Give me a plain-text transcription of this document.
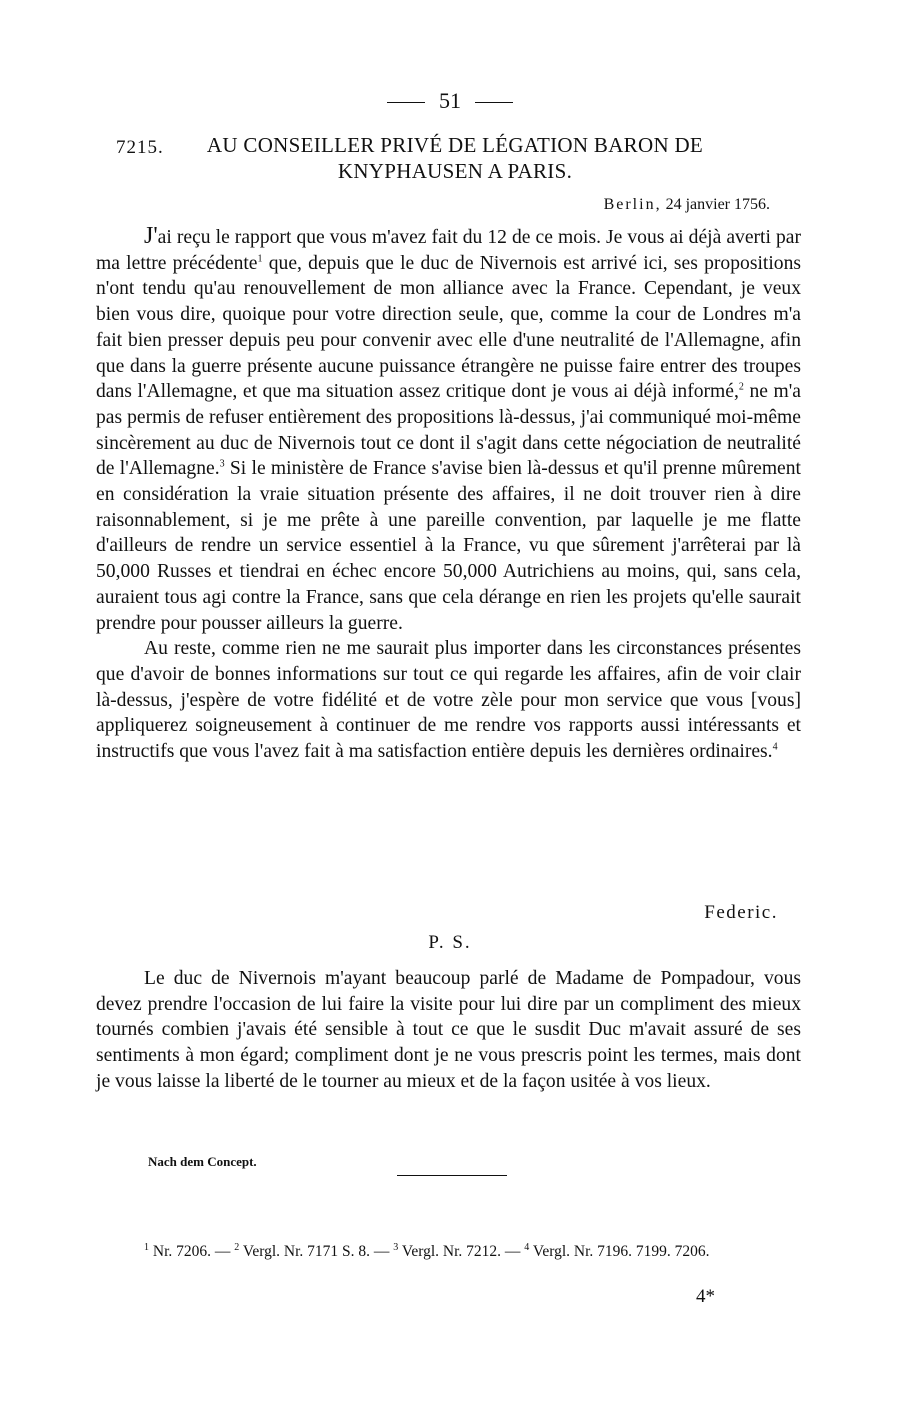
51
7215.	AU CONSEILLER PRIVÉ DE LÉGATION BARON DE
KNYPHAUSEN A PARIS.
Berlin, 24 janvier 1756.

J'ai reçu le rapport que vous m'avez fait du 12 de ce mois. Je vous ai déjà averti par ma lettre précédente$^1$ que, depuis que le duc de Nivernois est arrivé ici, ses propositions n'ont tendu qu'au renouvellement de mon alliance avec la France. Cependant, je veux bien vous dire, quoique pour votre direction seule, que, comme la cour de Londres m'a fait bien presser depuis peu pour convenir avec elle d'une neutralité de l'Allemagne, afin que dans la guerre présente aucune puissance étrangère ne puisse faire entrer des troupes dans l'Allemagne, et que ma situation assez critique dont je vous ai déjà informé,$^2$ ne m'a pas permis de refuser entièrement des propositions là-dessus, j'ai communiqué moi-même sincèrement au duc de Nivernois tout ce dont il s'agit dans cette négociation de neutralité de l'Allemagne.$^3$ Si le ministère de France s'avise bien là-dessus et qu'il prenne mûrement en considération la vraie situation présente des affaires, il ne doit trouver rien à dire raisonnablement, si je me prête à une pareille convention, par laquelle je me flatte d'ailleurs de rendre un service essentiel à la France, vu que sûrement j'arrêterai par là 50,000 Russes et tiendrai en échec encore 50,000 Autrichiens au moins, qui, sans cela, auraient tous agi contre la France, sans que cela dérange en rien les projets qu'elle saurait prendre pour pousser ailleurs la guerre.

Au reste, comme rien ne me saurait plus importer dans les circonstances présentes que d'avoir de bonnes informations sur tout ce qui regarde les affaires, afin de voir clair là-dessus, j'espère de votre fidélité et de votre zèle pour mon service que vous [vous] appliquerez soigneusement à continuer de me rendre vos rapports aussi intéressants et instructifs que vous l'avez fait à ma satisfaction entière depuis les dernières ordinaires.$^4$

Federic.
P. S.

Le duc de Nivernois m'ayant beaucoup parlé de Madame de Pompadour, vous devez prendre l'occasion de lui faire la visite pour lui dire par un compliment des mieux tournés combien j'avais été sensible à tout ce que le susdit Duc m'avait assuré de ses sentiments à mon égard; compliment dont je ne vous prescris point les termes, mais dont je vous laisse la liberté de le tourner au mieux et de la façon usitée à vos lieux.

Nach dem Concept.
$^1$ Nr. 7206. — $^2$ Vergl. Nr. 7171 S. 8. — $^3$ Vergl. Nr. 7212. — $^4$ Vergl. Nr. 7196. 7199. 7206.
4*
